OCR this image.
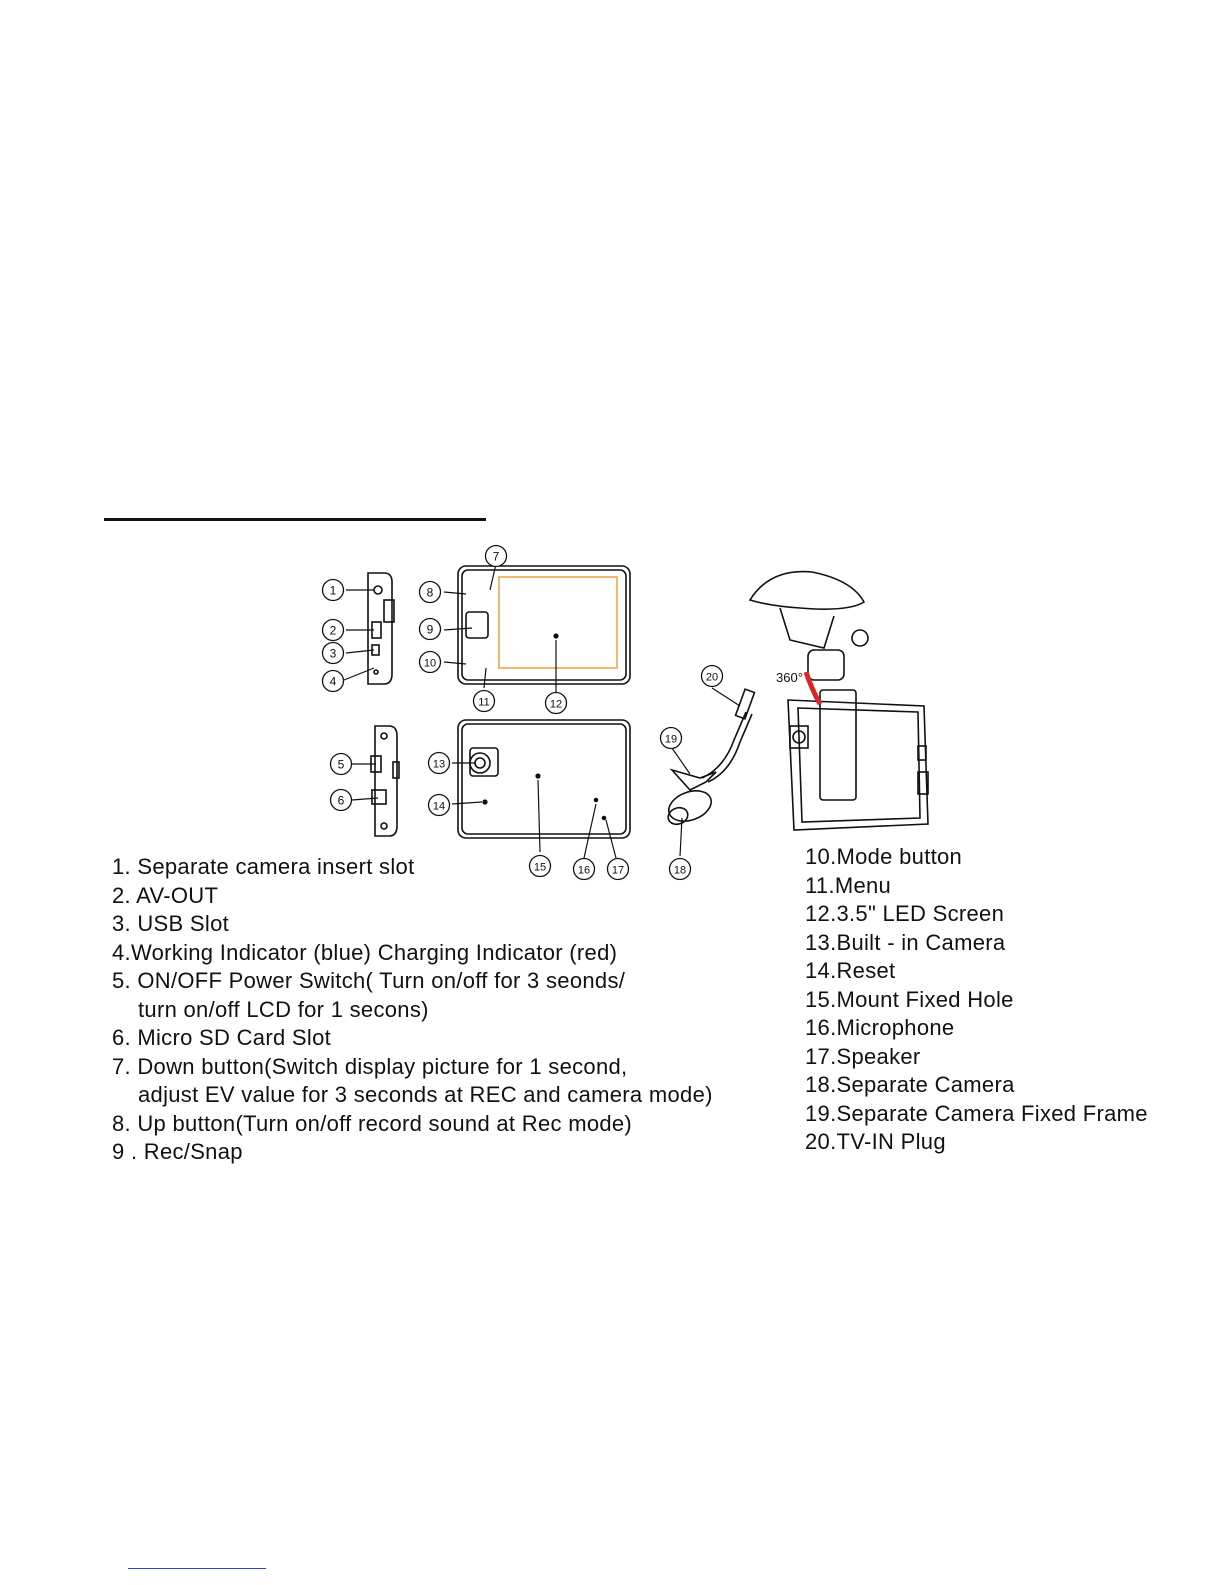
1
2
3
4
5
6
7
8
9
10
11	12
13
14
15	16 17	18
19
20	360°
1. Separate camera insert slot
2. AV-OUT
3. USB Slot
4.Working Indicator (blue) Charging Indicator (red)
5. ON/OFF Power Switch( Turn on/off for 3 seonds/
turn on/off LCD for 1 secons)
6. Micro SD Card Slot
7. Down button(Switch display picture for 1 second,
adjust EV value for 3 seconds at REC and camera mode)
8. Up button(Turn on/off record sound at Rec mode)
9 . Rec/Snap
10.Mode button
11.Menu
12.3.5" LED Screen
13.Built - in Camera
14.Reset
15.Mount Fixed Hole
16.Microphone
17.Speaker
18.Separate Camera
19.Separate Camera Fixed Frame
20.TV-IN Plug
